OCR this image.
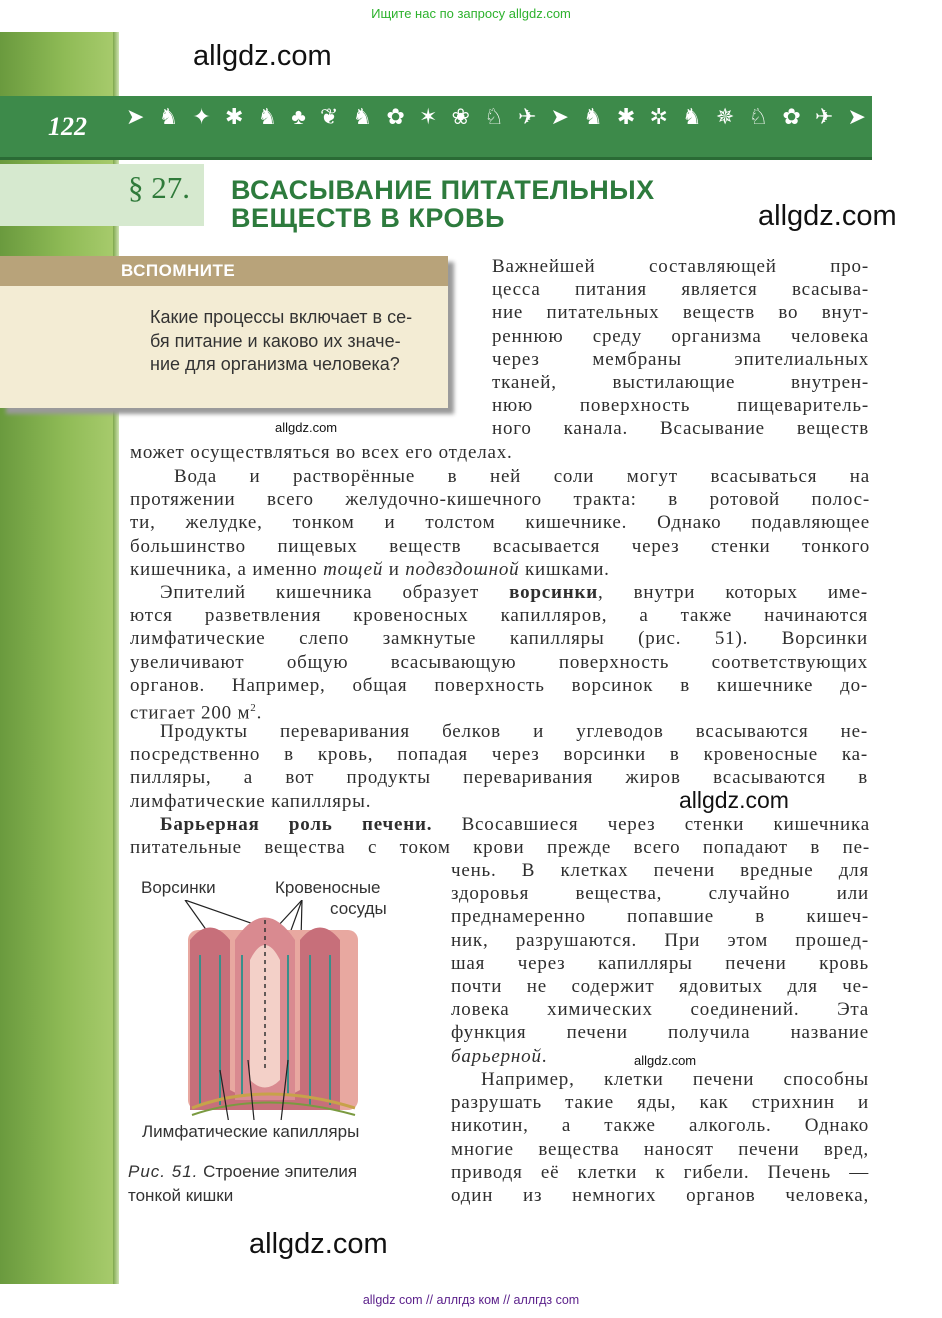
Ищите нас по запросу allgdz.com
allgdz.com
122 ➤ ♞ ✦ ✱ ♞ ♣ ❦ ♞ ✿ ✶ ❀ ♘ ✈ ➤ ♞ ✱ ✲ ♞ ✵ ♘ ✿ ✈ ➤
§ 27. ВСАСЫВАНИЕ ПИТАТЕЛЬНЫХ
ВЕЩЕСТВ В КРОВЬ	allgdz.com
ВСПОМНИТЕ
Какие процессы включает в се-
бя питание и каково их значе-
ние для организма человека?
allgdz.com
Важнейшей составляющей про-
цесса питания является всасыва-
ние питательных веществ во внут-
реннюю среду организма человека
через мембраны эпителиальных
тканей, выстилающие внутрен-
нюю поверхность пищеваритель-
ного канала. Всасывание веществ
может осуществляться во всех его отделах.
Вода и растворённые в ней соли могут всасываться на
протяжении всего желудочно-кишечного тракта: в ротовой полос-
ти, желудке, тонком и толстом кишечнике. Однако подавляющее
большинство пищевых веществ всасывается через стенки тонкого
кишечника, а именно тощей и подвздошной кишками.
Эпителий кишечника образует ворсинки, внутри которых име-
ются разветвления кровеносных капилляров, а также начинаются
лимфатические слепо замкнутые капилляры (рис. 51). Ворсинки
увеличивают общую всасывающую поверхность соответствующих
органов. Например, общая поверхность ворсинок в кишечнике до-
стигает 200 $м^2$.
Продукты переваривания белков и углеводов всасываются не-
посредственно в кровь, попадая через ворсинки в кровеносные ка-
пилляры, а вот продукты переваривания жиров всасываются в
лимфатические капилляры.	allgdz.com
Барьерная роль печени. Всосавшиеся через стенки кишечника
питательные вещества с током крови прежде всего попадают в пе-
чень. В клетках печени вредные для
здоровья вещества, случайно или
преднамеренно попавшие в кишеч-
ник, разрушаются. При этом прошед-
шая через капилляры печени кровь
почти не содержит ядовитых для че-
ловека химических соединений. Эта
функция печени получила название
барьерной.	allgdz.com
Например, клетки печени способны
разрушать такие яды, как стрихнин и
никотин, а также алкоголь. Однако
многие вещества наносят печени вред,
приводя её клетки к гибели. Печень —
один из немногих органов человека,
Ворсинки	Кровеносные
сосуды
Лимфатические капилляры
Рис. 51. Строение эпителия
тонкой кишки
allgdz.com
allgdz com // аллгдз ком // аллгдз com
